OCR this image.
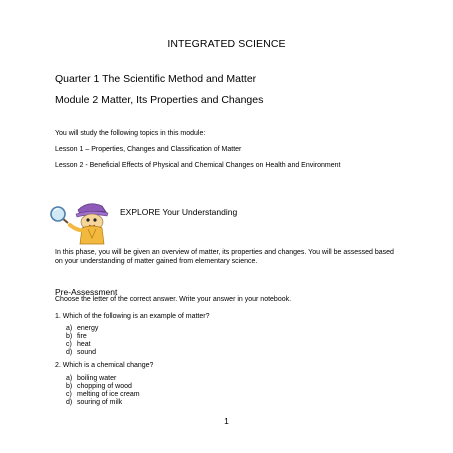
INTEGRATED SCIENCE
Quarter 1 The Scientific Method and Matter
Module 2 Matter, Its Properties and Changes
You will study the following topics in this module:
Lesson 1 – Properties, Changes and Classification of Matter
Lesson 2 - Beneficial Effects of Physical and Chemical Changes on Health and Environment
EXPLORE Your Understanding
In this phase, you will be given an overview of matter, its properties and changes. You will be assessed based on your understanding of matter gained from elementary science.
Pre-Assessment
Choose the letter of the correct answer. Write your answer in your notebook.
1. Which of the following is an example of matter?
a) energy
b) fire
c) heat
d) sound
2. Which is a chemical change?
a) boiling water
b) chopping of wood
c) melting of ice cream
d) souring of milk
1
